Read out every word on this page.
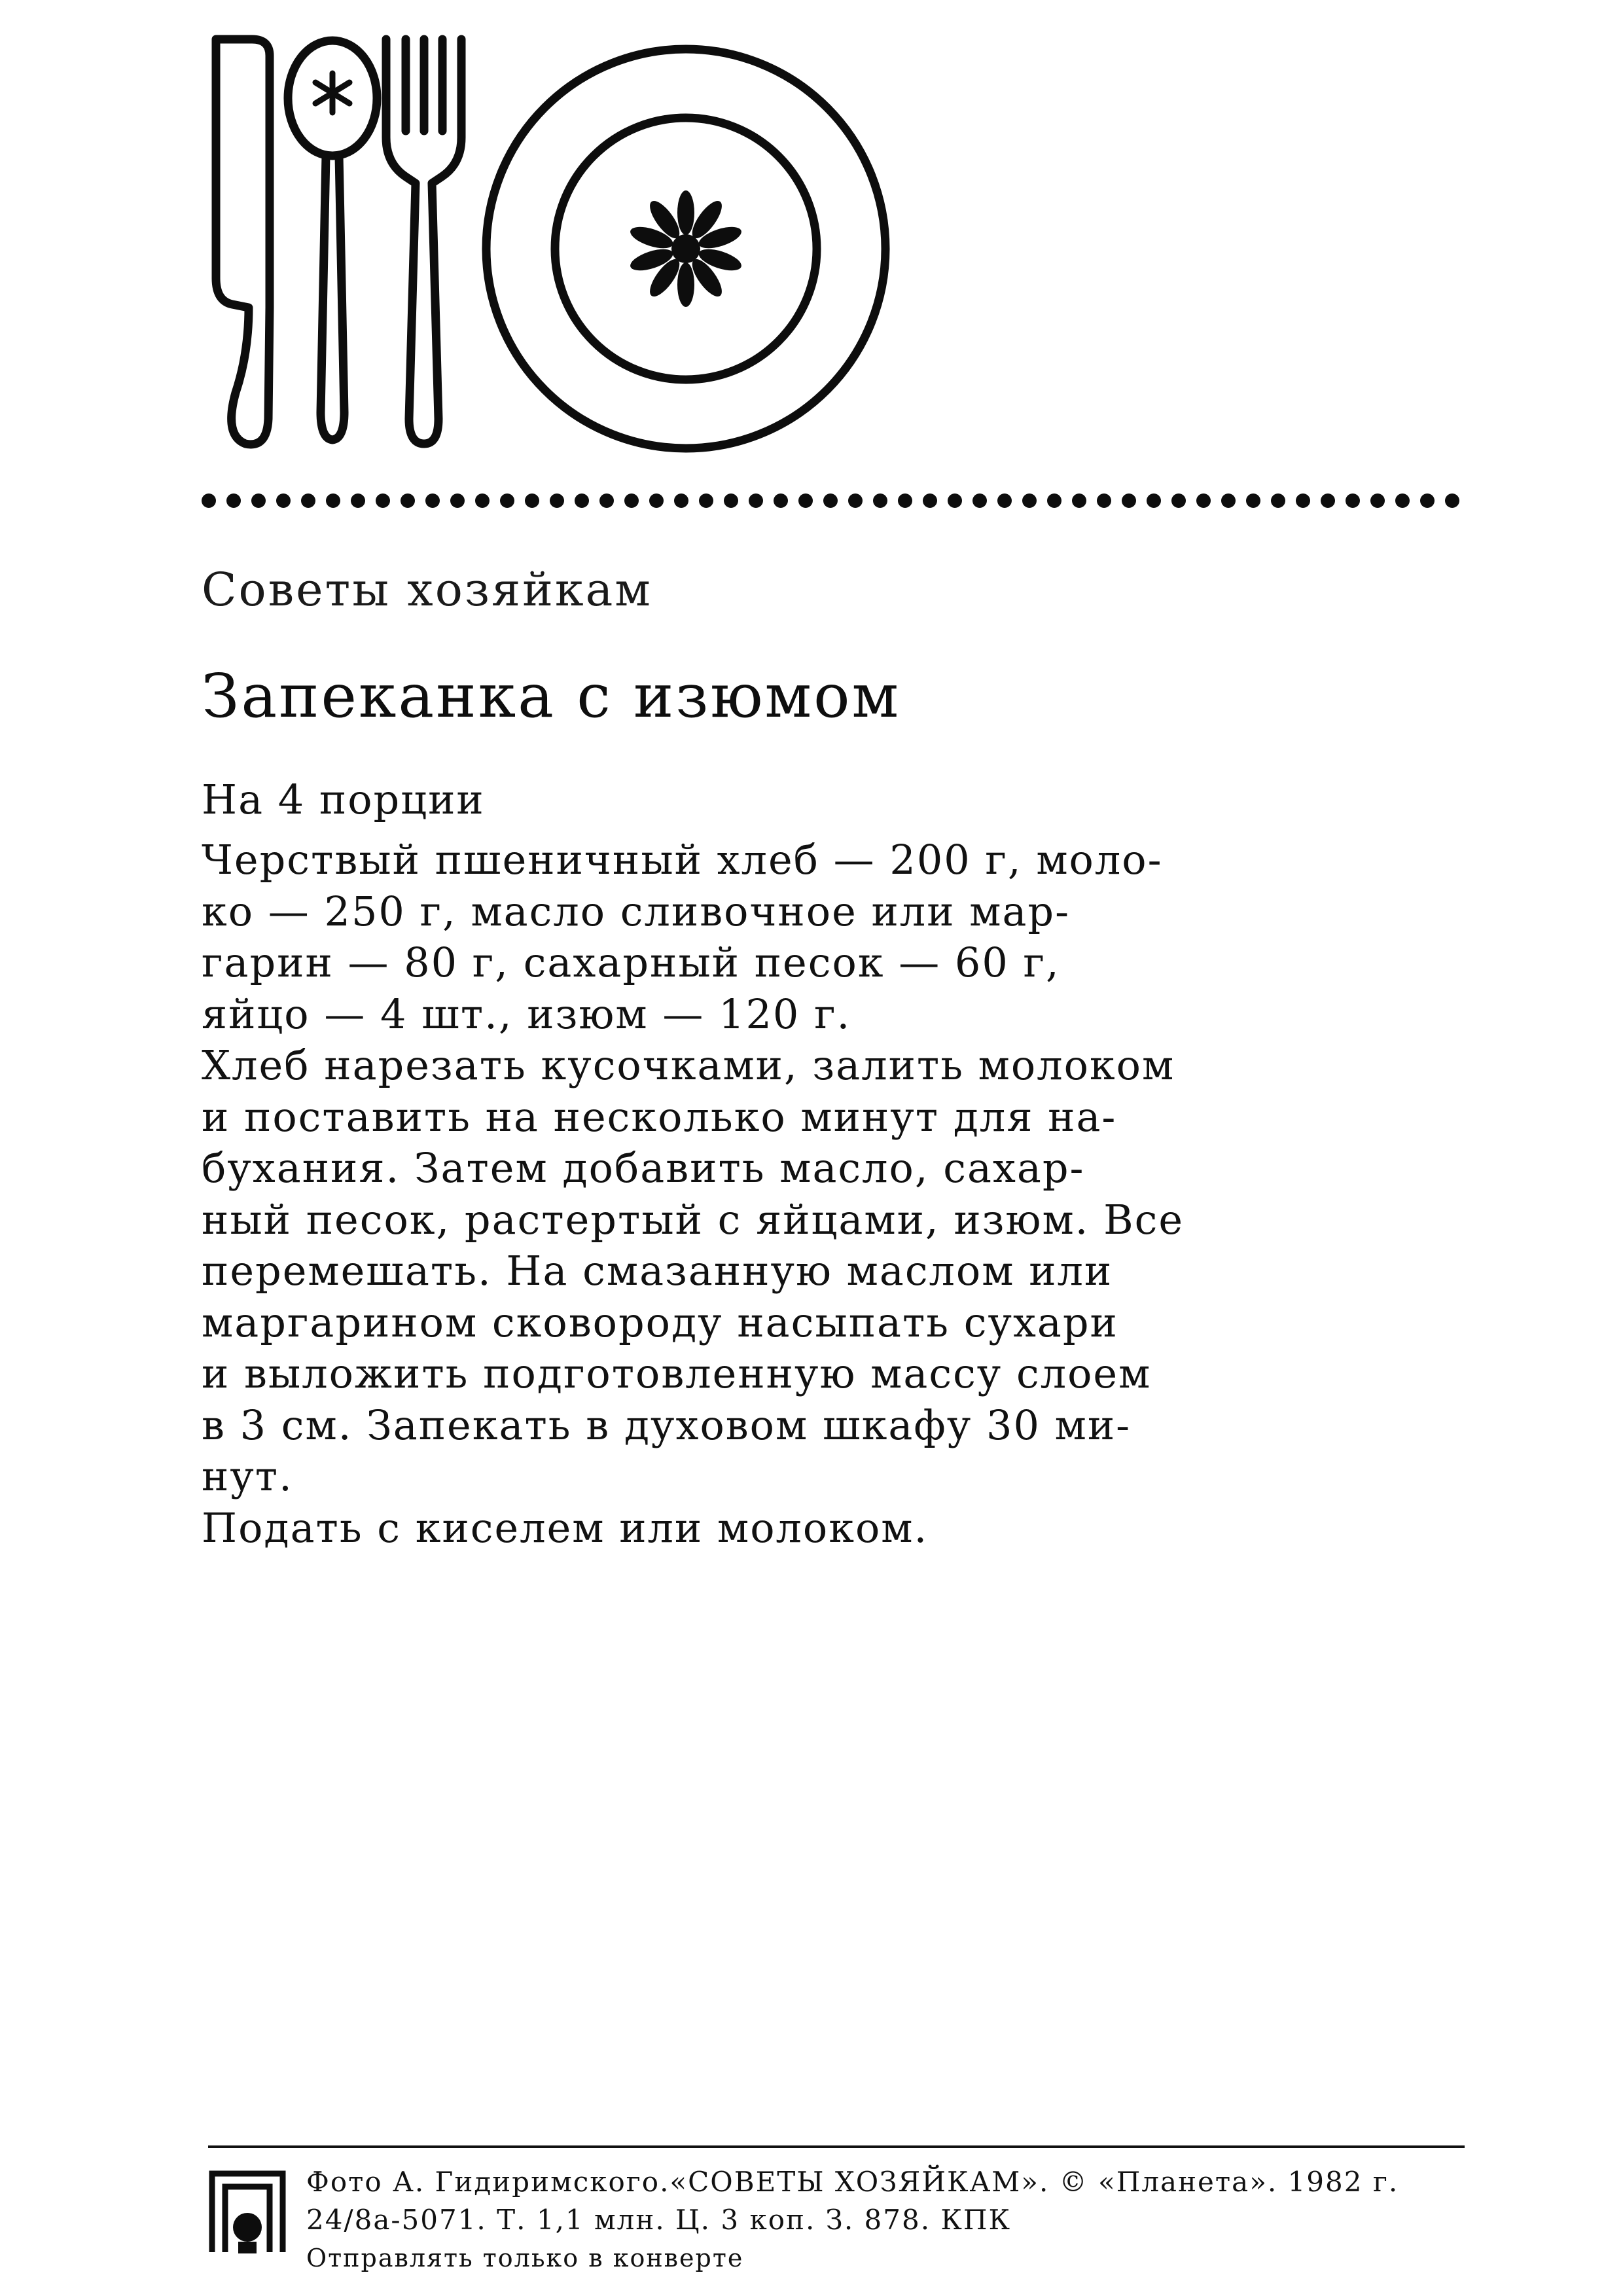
Советы хозяйкам
Запеканка с изюмом
На 4 порции
Черствый пшеничный хлеб — 200 г, моло-
ко — 250 г, масло сливочное или мар-
гарин — 80 г, сахарный песок — 60 г,
яйцо — 4 шт., изюм — 120 г.
Хлеб нарезать кусочками, залить молоком
и поставить на несколько минут для на-
бухания. Затем добавить масло, сахар-
ный песок, растертый с яйцами, изюм. Все
перемешать. На смазанную маслом или
маргарином сковороду насыпать сухари
и выложить подготовленную массу слоем
в 3 см. Запекать в духовом шкафу 30 ми-
нут.
Подать с киселем или молоком.
Фото А. Гидиримского.«СОВЕТЫ ХОЗЯЙКАМ». © «Планета». 1982 г.
24/8а-5071. Т. 1,1 млн. Ц. 3 коп. З. 878. КПК
Отправлять только в конверте
